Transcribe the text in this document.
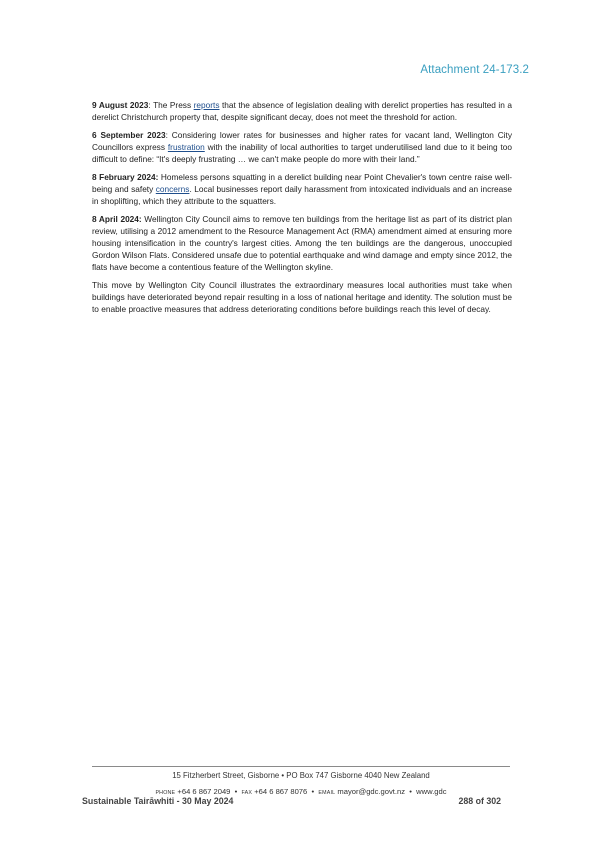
Attachment 24-173.2

9 August 2023: The Press reports that the absence of legislation dealing with derelict properties has resulted in a derelict Christchurch property that, despite significant decay, does not meet the threshold for action.

6 September 2023: Considering lower rates for businesses and higher rates for vacant land, Wellington City Councillors express frustration with the inability of local authorities to target underutilised land due to it being too difficult to define: “It's deeply frustrating … we can't make people do more with their land.”

8 February 2024: Homeless persons squatting in a derelict building near Point Chevalier's town centre raise well-being and safety concerns. Local businesses report daily harassment from intoxicated individuals and an increase in shoplifting, which they attribute to the squatters.

8 April 2024: Wellington City Council aims to remove ten buildings from the heritage list as part of its district plan review, utilising a 2012 amendment to the Resource Management Act (RMA) amendment aimed at ensuring more housing intensification in the country's largest cities. Among the ten buildings are the dangerous, unoccupied Gordon Wilson Flats. Considered unsafe due to potential earthquake and wind damage and empty since 2012, the flats have become a contentious feature of the Wellington skyline.

This move by Wellington City Council illustrates the extraordinary measures local authorities must take when buildings have deteriorated beyond repair resulting in a loss of national heritage and identity. The solution must be to enable proactive measures that address deteriorating conditions before buildings reach this level of decay.

15 Fitzherbert Street, Gisborne • PO Box 747 Gisborne 4040 New Zealand
PHONE +64 6 867 2049  •  FAX +64 6 867 8076  •  EMAIL mayor@gdc.govt.nz  •  www.gdc
Sustainable Tairāwhiti - 30 May 2024	288 of 302
